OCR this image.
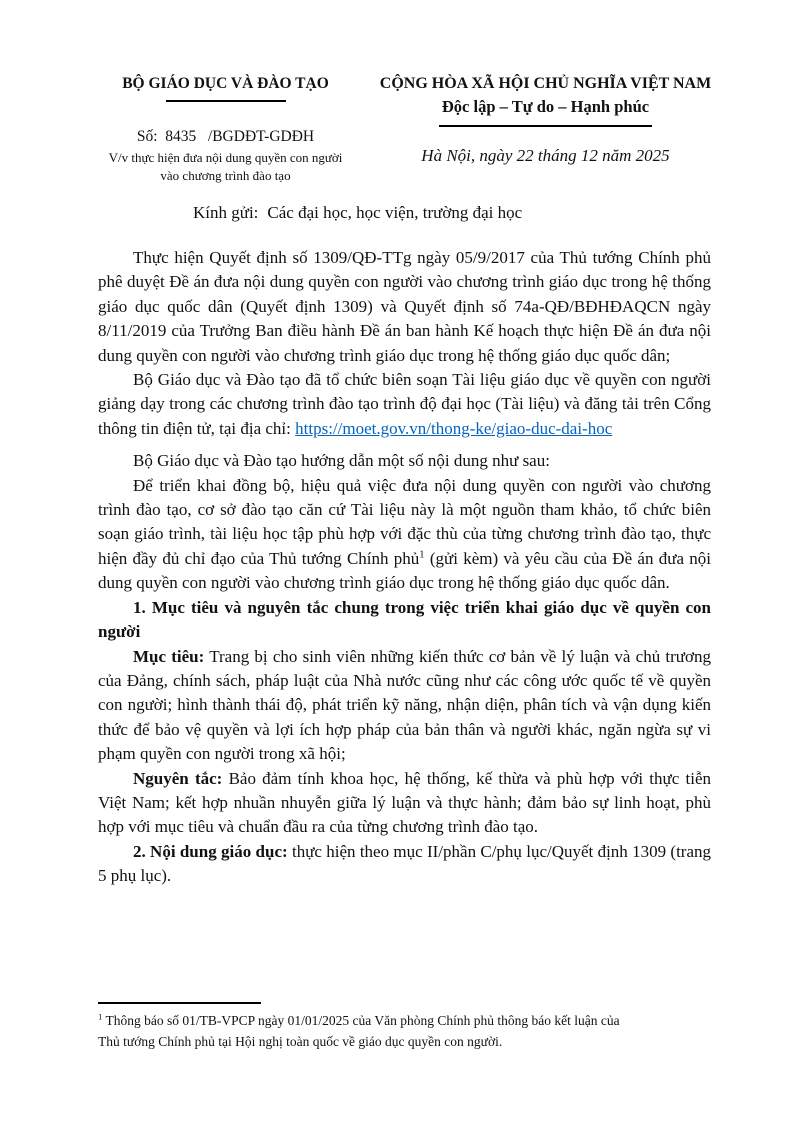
BỘ GIÁO DỤC VÀ ĐÀO TẠO
Số:  8435   /BGDĐT-GDĐH
V/v thực hiện đưa nội dung quyền con người vào chương trình đào tạo
CỘNG HÒA XÃ HỘI CHỦ NGHĨA VIỆT NAM
Độc lập – Tự do – Hạnh phúc
Hà Nội, ngày 22 tháng 12 năm 2025
Kính gửi: Các đại học, học viện, trường đại học

Thực hiện Quyết định số 1309/QĐ-TTg ngày 05/9/2017 của Thủ tướng Chính phủ phê duyệt Đề án đưa nội dung quyền con người vào chương trình giáo dục trong hệ thống giáo dục quốc dân (Quyết định 1309) và Quyết định số 74a-QĐ/BĐHĐAQCN ngày 8/11/2019 của Trưởng Ban điều hành Đề án ban hành Kế hoạch thực hiện Đề án đưa nội dung quyền con người vào chương trình giáo dục trong hệ thống giáo dục quốc dân;

Bộ Giáo dục và Đào tạo đã tổ chức biên soạn Tài liệu giáo dục về quyền con người giảng dạy trong các chương trình đào tạo trình độ đại học (Tài liệu) và đăng tải trên Cổng thông tin điện tử, tại địa chỉ: https://moet.gov.vn/thong-ke/giao-duc-dai-hoc

Bộ Giáo dục và Đào tạo hướng dẫn một số nội dung như sau:

Để triển khai đồng bộ, hiệu quả việc đưa nội dung quyền con người vào chương trình đào tạo, cơ sở đào tạo căn cứ Tài liệu này là một nguồn tham khảo, tổ chức biên soạn giáo trình, tài liệu học tập phù hợp với đặc thù của từng chương trình đào tạo, thực hiện đầy đủ chỉ đạo của Thủ tướng Chính phủ$^1$ (gửi kèm) và yêu cầu của Đề án đưa nội dung quyền con người vào chương trình giáo dục trong hệ thống giáo dục quốc dân.

1. Mục tiêu và nguyên tắc chung trong việc triển khai giáo dục về quyền con người

Mục tiêu: Trang bị cho sinh viên những kiến thức cơ bản về lý luận và chủ trương của Đảng, chính sách, pháp luật của Nhà nước cũng như các công ước quốc tế về quyền con người; hình thành thái độ, phát triển kỹ năng, nhận diện, phân tích và vận dụng kiến thức để bảo vệ quyền và lợi ích hợp pháp của bản thân và người khác, ngăn ngừa sự vi phạm quyền con người trong xã hội;

Nguyên tắc: Bảo đảm tính khoa học, hệ thống, kế thừa và phù hợp với thực tiễn Việt Nam; kết hợp nhuần nhuyễn giữa lý luận và thực hành; đảm bảo sự linh hoạt, phù hợp với mục tiêu và chuẩn đầu ra của từng chương trình đào tạo.

2. Nội dung giáo dục: thực hiện theo mục II/phần C/phụ lục/Quyết định 1309 (trang 5 phụ lục).

$^1$ Thông báo số 01/TB-VPCP ngày 01/01/2025 của Văn phòng Chính phủ thông báo kết luận của Thủ tướng Chính phủ tại Hội nghị toàn quốc về giáo dục quyền con người.
